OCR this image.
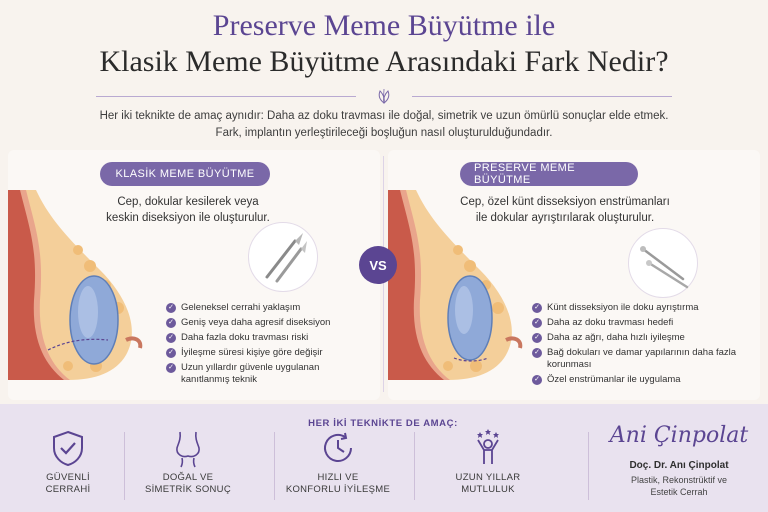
Preserve Meme Büyütme ile
Klasik Meme Büyütme Arasındaki Fark Nedir?
Her iki teknikte de amaç aynıdır: Daha az doku travması ile doğal, simetrik ve uzun ömürlü sonuçlar elde etmek.
Fark, implantın yerleştirileceği boşluğun nasıl oluşturulduğundadır.
KLASİK MEME BÜYÜTME
Cep, dokular kesilerek veya
keskin diseksiyon ile oluşturulur.
✓ Geleneksel cerrahi yaklaşım
✓ Geniş veya daha agresif diseksiyon
✓ Daha fazla doku travması riski
✓ İyileşme süresi kişiye göre değişir
✓ Uzun yıllardır güvenle uygulanan kanıtlanmış teknik
PRESERVE MEME BÜYÜTME
Cep, özel künt disseksiyon enstrümanları
ile dokular ayrıştırılarak oluşturulur.
✓ Künt disseksiyon ile doku ayrıştırma
✓ Daha az doku travması hedefi
✓ Daha az ağrı, daha hızlı iyileşme
✓ Bağ dokuları ve damar yapılarının daha fazla korunması
✓ Özel enstrümanlar ile uygulama
VS
HER İKİ TEKNİKTE DE AMAÇ:
GÜVENLİ
CERRAHİ
DOĞAL VE
SİMETRİK SONUÇ
HIZLI VE
KONFORLU İYİLEŞME
UZUN YILLAR
MUTLULUK
Ani Çinpolat
Doç. Dr. Anı Çinpolat
Plastik, Rekonstrüktif ve
Estetik Cerrah
